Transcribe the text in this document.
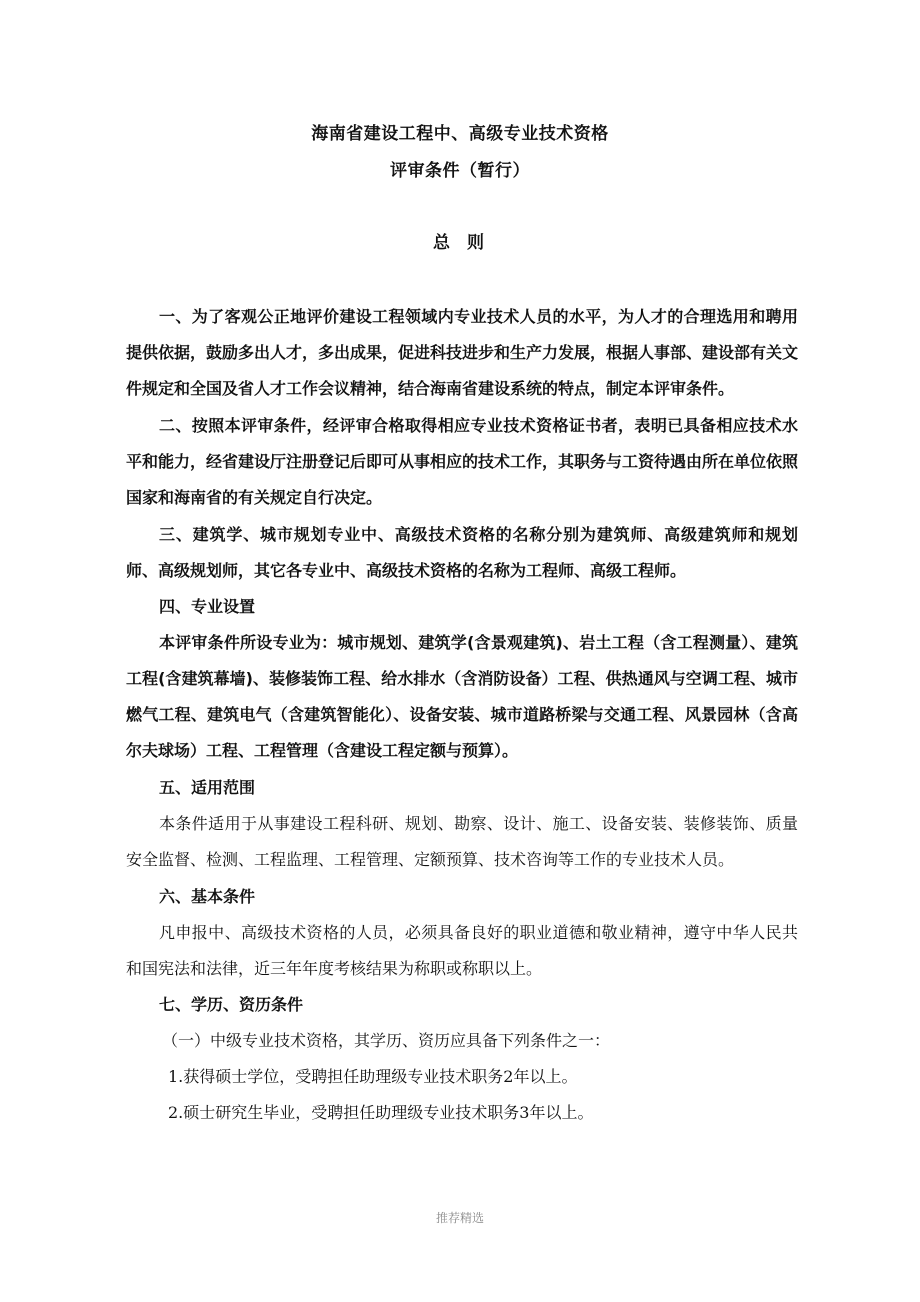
海南省建设工程中、高级专业技术资格

评审条件（暂行）

总 则

一、为了客观公正地评价建设工程领域内专业技术人员的水平，为人才的合理选用和聘用提供依据，鼓励多出人才，多出成果，促进科技进步和生产力发展，根据人事部、建设部有关文件规定和全国及省人才工作会议精神，结合海南省建设系统的特点，制定本评审条件。

二、按照本评审条件，经评审合格取得相应专业技术资格证书者，表明已具备相应技术水平和能力，经省建设厅注册登记后即可从事相应的技术工作，其职务与工资待遇由所在单位依照国家和海南省的有关规定自行决定。

三、建筑学、城市规划专业中、高级技术资格的名称分别为建筑师、高级建筑师和规划师、高级规划师，其它各专业中、高级技术资格的名称为工程师、高级工程师。

四、专业设置

本评审条件所设专业为：城市规划、建筑学(含景观建筑)、岩土工程（含工程测量）、建筑工程(含建筑幕墙)、装修装饰工程、给水排水（含消防设备）工程、供热通风与空调工程、城市燃气工程、建筑电气（含建筑智能化）、设备安装、城市道路桥梁与交通工程、风景园林（含高尔夫球场）工程、工程管理（含建设工程定额与预算）。

五、适用范围

本条件适用于从事建设工程科研、规划、勘察、设计、施工、设备安装、装修装饰、质量安全监督、检测、工程监理、工程管理、定额预算、技术咨询等工作的专业技术人员。

六、基本条件

凡申报中、高级技术资格的人员，必须具备良好的职业道德和敬业精神，遵守中华人民共和国宪法和法律，近三年年度考核结果为称职或称职以上。

七、学历、资历条件

（一）中级专业技术资格，其学历、资历应具备下列条件之一：

1.获得硕士学位，受聘担任助理级专业技术职务2年以上。

2.硕士研究生毕业，受聘担任助理级专业技术职务3年以上。

推荐精选
